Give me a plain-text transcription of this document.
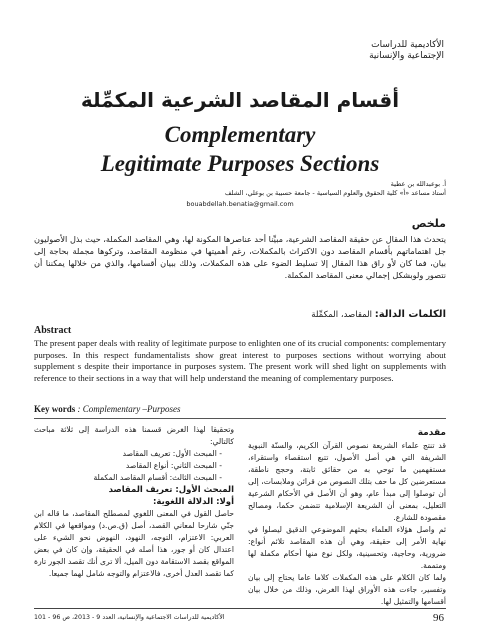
الأكاديمية للدراسات
الإجتماعية والإنسانية
أقسام المقاصد الشرعية المكمِّلة
Complementary
Legitimate Purposes Sections
أ. بوعبدالله بن عطية
أستاذ مساعد «أ» كلية الحقوق والعلوم السياسية - جامعة حسيبة بن بوعلي، الشلف
bouabdellah.benatia@gmail.com
ملخص
يتحدث هذا المقال عن حقيقة المقاصد الشرعية، مبيِّنا أحد عناصرها المكونة لها، وهي المقاصد المكملة، حيث بذل الأصوليون جل اهتماماتهم بأقسام المقاصد دون الاكتراث بالمكملات، رغم أهميتها في منظومة المقاصد، وتركوها مجملة بحاجة إلى بيان، فما كان لأو راق هذا المقال إلا تسليط الضوء على هذه المكملات، وذلك ببيان أقسامها، والذي من خلالها يمكننا أن نتصور ولوبشكل إجمالي معنى المقاصد المكملة.
الكلمات الدالة: المقاصد، المكمِّلة
Abstract
The present paper deals with reality of legitimate purpose to enlighten one of its crucial components: complementary purposes. In this respect fundamentalists show great interest to purposes sections without worrying about supplement s despite their importance in purposes system. The present work will shed light on supplements with reference to their sections in a way that will help understand the meaning of complementary purposes.
Key words : Complementary –Purposes
مقدمة
قد تنتج علماء الشريعة نصوص القرآن الكريم، والسنّة النبوية الشريفة التي هي أصل الأصول، تتبع استقصاء واستقراء، مستفهمين ما توحي به من حقائق ثابتة، وحجج ناطقة، مستعرضين كل ما حف بتلك النصوص من قرائن وملابسات، إلى أن توصلوا إلى مبدأ عام، وهو أن الأصل في الأحكام الشرعية التعليل، بمعنى أن الشريعة الإسلامية تتضمن حكما، ومصالح مقصودة للشارع.
ثم واصل هؤلاء العلماء بحثهم الموضوعي الدقيق ليصلوا في نهاية الأمر إلى حقيقة، وهي أن هذه المقاصد تلائم أنواع: ضرورية، وحاجية، وتحسينية، ولكل نوع منها أحكام مكملة لها ومتممة.
ولما كان الكلام على هذه المكملات كلاما عاما يحتاج إلى بيان وتفسير، جاءت هذه الأوراق لهذا الغرض، وذلك من خلال بيان أقسامها والتمثيل لها.
وتحقيقا لهذا الغرض قسمنا هذه الدراسة إلى ثلاثة مباحث كالتالي:
- المبحث الأول: تعريف المقاصد
- المبحث الثاني: أنواع المقاصد
- المبحث الثالث: أقسام المقاصد المكملة
المبحث الأول: تعريف المقاصد
أولا: الدلالة اللغوية:
حاصل القول في المعنى اللغوي لمصطلح المقاصد، ما قاله ابن جنّي شارحا لمعاني القصد، أصل (ق.ص.د) ومواقعها في الكلام العربي: الاعتزام، التوجه، النهود، النهوض نحو الشيء على اعتدال كان أو جور، هذا أصله في الحقيقة، وإن كان في بعض المواقع بقصد الاستقامة دون الميل، ألا ترى أنك تقصد الجور تارة كما تقصد العدل أخرى، فالاعتزام والتوجه شامل لهما جميعا.
96
الأكاديمية للدراسات الاجتماعية والإنسانية، العدد 9 - 2013، ص 96 - 101
